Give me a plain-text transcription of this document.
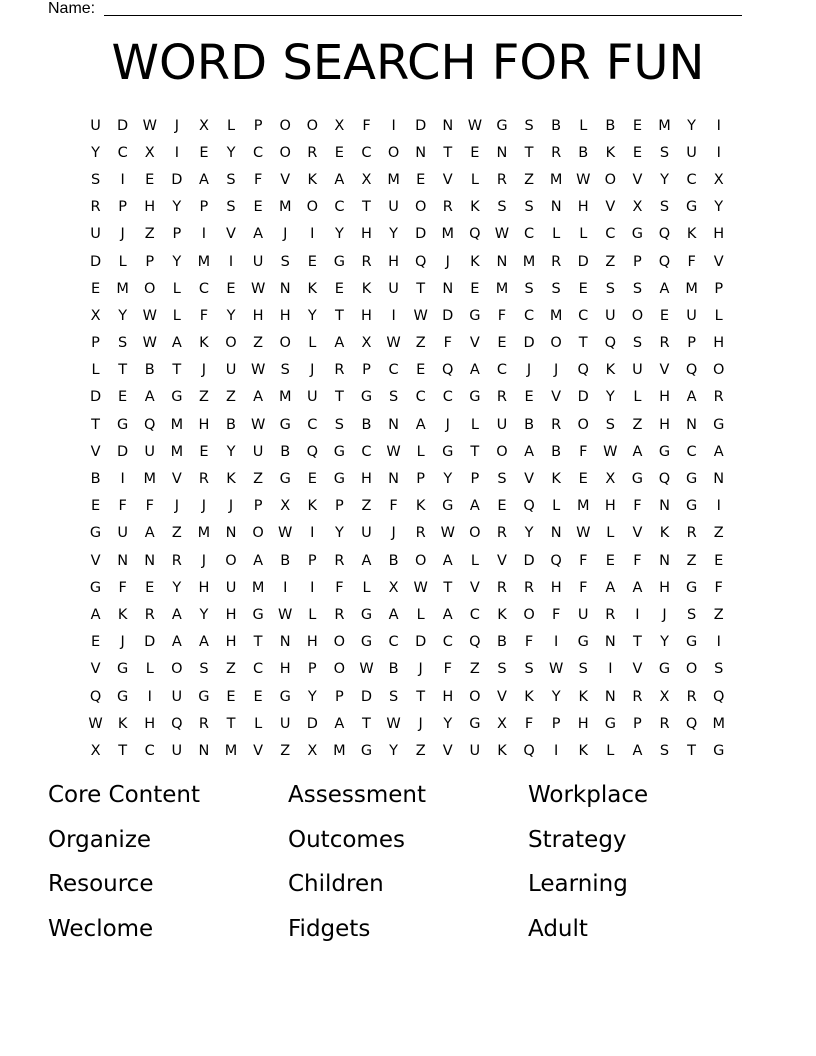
Name:
WORD SEARCH FOR FUN
U	D W	J	X	L	P	O	O	X	F	I	D	N	W G	S	B	L	B	E	M	Y	I
Y	C	X	I	E	Y	C	O	R	E	C	O	N	T	E	N	T	R	B	K	E	S	U	I
S	I	E	D	A	S	F	V	K	A	X	M	E	V	L	R	Z	M W O	V	Y	C	X
R	P	H	Y	P	S	E	M	O	C	T	U	O	R	K	S	S	N	H	V	X	S	G	Y
U	J	Z	P	I	V	A	J	I	Y	H	Y	D	M	Q W	C	L	L	C	G	Q	K	H
D	L	P	Y	M	I	U	S	E	G	R	H	Q	J	K	N	M	R	D	Z	P	Q	F	V
E	M	O	L	C	E	W N	K	E	K	U	T	N	E	M	S	S	E	S	S	A	M	P
X	Y	W	L	F	Y	H	H	Y	T	H	I	W D	G	F	C	M	C	U	O	E	U	L
P	S	W	A	K	O	Z	O	L	A	X	W	Z	F	V	E	D	O	T	Q	S	R	P	H
L	T	B	T	J	U	W	S	J	R	P	C	E	Q	A	C	J	J	Q	K	U	V	Q	O
D	E	A	G	Z	Z	A	M	U	T	G	S	C	C	G	R	E	V	D	Y	L	H	A	R
T	G	Q	M	H	B	W G	C	S	B	N	A	J	L	U	B	R	O	S	Z	H	N	G
V	D	U	M	E	Y	U	B	Q	G	C	W	L	G	T	O	A	B	F	W	A	G	C	A
B	I	M	V	R	K	Z	G	E	G	H	N	P	Y	P	S	V	K	E	X	G	Q	G	N
E	F	F	J	J	J	P	X	K	P	Z	F	K	G	A	E	Q	L	M	H	F	N	G	I
G	U	A	Z	M	N	O W	I	Y	U	J	R	W O	R	Y	N	W	L	V	K	R	Z
V	N	N	R	J	O	A	B	P	R	A	B	O	A	L	V	D	Q	F	E	F	N	Z	E
G	F	E	Y	H	U	M	I	I	F	L	X	W	T	V	R	R	H	F	A	A	H	G	F
A	K	R	A	Y	H	G W	L	R	G	A	L	A	C	K	O	F	U	R	I	J	S	Z
E	J	D	A	A	H	T	N	H	O	G	C	D	C	Q	B	F	I	G	N	T	Y	G	I
V	G	L	O	S	Z	C	H	P	O W	B	J	F	Z	S	S	W	S	I	V	G	O	S
Q	G	I	U	G	E	E	G	Y	P	D	S	T	H	O	V	K	Y	K	N	R	X	R	Q
W	K	H	Q	R	T	L	U	D	A	T	W	J	Y	G	X	F	P	H	G	P	R	Q	M
X	T	C	U	N	M	V	Z	X	M	G	Y	Z	V	U	K	Q	I	K	L	A	S	T	G
Core Content	Assessment	Workplace
Organize	Outcomes	Strategy
Resource	Children	Learning
Weclome	Fidgets	Adult
